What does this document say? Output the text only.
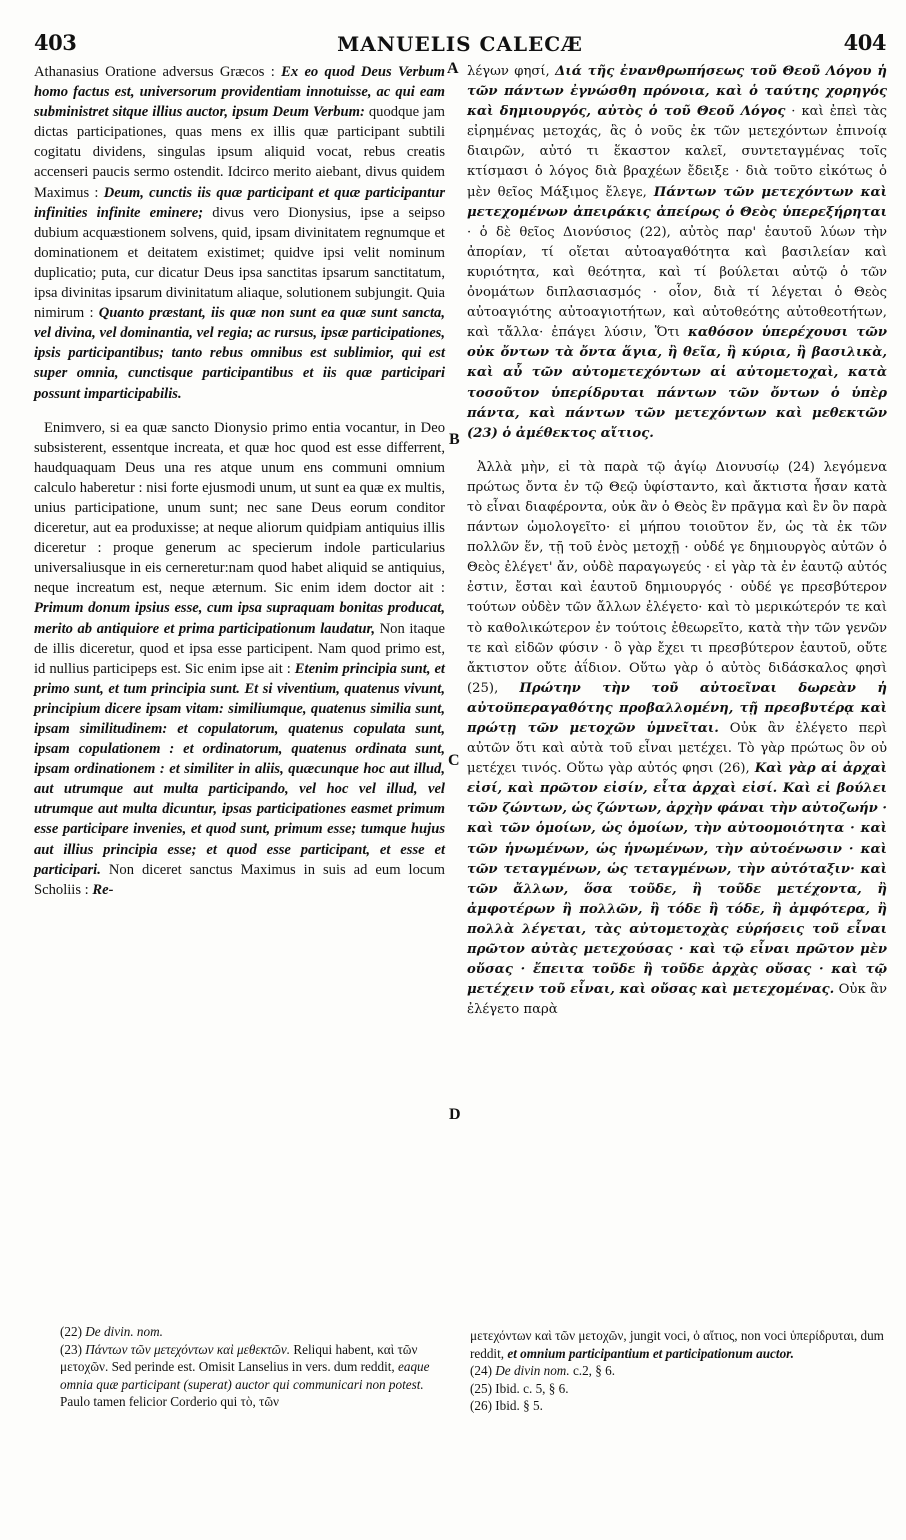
403	MANUELIS CALECÆ	404
A
B
C
D

Athanasius Oratione adversus Græcos : Ex eo quod Deus Verbum homo factus est, universorum providentiam innotuisse, ac qui eam subministret sitque illius auctor, ipsum Deum Verbum: quodque jam dictas participationes, quas mens ex illis quæ participant subtili cogitatu dividens, singulas ipsum aliquid vocat, rebus creatis accenseri paucis sermo ostendit. Idcirco merito aiebant, divus quidem Maximus : Deum, cunctis iis quæ participant et quæ participantur infinities infinite eminere; divus vero Dionysius, ipse a seipso dubium acquæstionem solvens, quid, ipsam divinitatem regnumque et dominationem et deitatem existimet; quidve ipsi velit nominum duplicatio; puta, cur dicatur Deus ipsa sanctitas ipsarum sanctitatum, ipsa divinitas ipsarum divinitatum aliaque, solutionem subjungit. Quia nimirum : Quanto præstant, iis quæ non sunt ea quæ sunt sancta, vel divina, vel dominantia, vel regia; ac rursus, ipsæ participationes, ipsis participantibus; tanto rebus omnibus est sublimior, qui est super omnia, cunctisque participantibus et iis quæ participari possunt imparticipabilis.

Enimvero, si ea quæ sancto Dionysio primo entia vocantur, in Deo subsisterent, essentque increata, et quæ hoc quod est esse differrent, haudquaquam Deus una res atque unum ens communi omnium calculo haberetur : nisi forte ejusmodi unum, ut sunt ea quæ ex multis, unius participatione, unum sunt; nec sane Deus eorum conditor diceretur, aut ea produxisse; at neque aliorum quidpiam antiquius illis diceretur : proque generum ac specierum indole particularius universaliusque in eis cerneretur:nam quod habet aliquid se antiquius, neque increatum est, neque æternum. Sic enim idem doctor ait : Primum donum ipsius esse, cum ipsa supraquam bonitas producat, merito ab antiquiore et prima participationum laudatur, Non itaque de illis diceretur, quod et ipsa esse participent. Nam quod primo est, id nullius participeps est. Sic enim ipse ait : Etenim principia sunt, et primo sunt, et tum principia sunt. Et si viventium, quatenus vivunt, principium dicere ipsam vitam: similiumque, quatenus similia sunt, ipsam similitudinem: et copulatorum, quatenus copulata sunt, ipsam copulationem : et ordinatorum, quatenus ordinata sunt, ipsam ordinationem : et similiter in aliis, quæcunque hoc aut illud, aut utrumque aut multa participando, vel hoc vel illud, vel utrumque aut multa dicuntur, ipsas participationes easmet primum esse participare invenies, et quod sunt, primum esse; tumque hujus aut illius principia esse; et quod esse participant, et esse et participari. Non diceret sanctus Maximus in suis ad eum locum Scholiis : Re-

λέγων φησί, Διά τῆς ἐνανθρωπήσεως τοῦ Θεοῦ Λόγου ἡ τῶν πάντων ἐγνώσθη πρόνοια, καὶ ὁ ταύτης χορηγός καὶ δημιουργός, αὐτὸς ὁ τοῦ Θεοῦ Λόγος · καὶ ἐπεὶ τὰς εἰρημένας μετοχάς, ἃς ὁ νοῦς ἐκ τῶν μετεχόντων ἐπινοίᾳ διαιρῶν, αὐτό τι ἕκαστον καλεῖ, συντεταγμένας τοῖς κτίσμασι ὁ λόγος διὰ βραχέων ἔδειξε · διὰ τοῦτο εἰκότως ὁ μὲν θεῖος Μάξιμος ἔλεγε, Πάντων τῶν μετεχόντων καὶ μετεχομένων ἀπειράκις ἀπείρως ὁ Θεὸς ὑπερεξήρηται · ὁ δὲ θεῖος Διονύσιος (22), αὐτὸς παρ' ἑαυτοῦ λύων τὴν ἀπορίαν, τί οἴεται αὐτοαγαθότητα καὶ βασιλείαν καὶ κυριότητα, καὶ θεότητα, καὶ τί βούλεται αὐτῷ ὁ τῶν ὀνομάτων διπλασιασμός · οἷον, διὰ τί λέγεται ὁ Θεὸς αὐτοαγιότης αὐτοαγιοτήτων, καὶ αὐτοθεότης αὐτοθεοτήτων, καὶ τἄλλα· ἐπάγει λύσιν, Ὅτι καθόσον ὑπερέχουσι τῶν οὐκ ὄντων τὰ ὄντα ἅγια, ἢ θεῖα, ἢ κύρια, ἢ βασιλικὰ, καὶ αὖ τῶν αὐτομετεχόντων αἱ αὐτομετοχαὶ, κατὰ τοσοῦτον ὑπερίδρυται πάντων τῶν ὄντων ὁ ὑπὲρ πάντα, καὶ πάντων τῶν μετεχόντων καὶ μεθεκτῶν (23) ὁ ἀμέθεκτος αἴτιος.

Ἀλλὰ μὴν, εἰ τὰ παρὰ τῷ ἁγίῳ Διονυσίῳ (24) λεγόμενα πρώτως ὄντα ἐν τῷ Θεῷ ὑφίσταντο, καὶ ἄκτιστα ἦσαν κατὰ τὸ εἶναι διαφέροντα, οὐκ ἂν ὁ Θεὸς ἓν πρᾶγμα καὶ ἓν ὂν παρὰ πάντων ὡμολογεῖτο· εἰ μήπου τοιοῦτον ἕν, ὡς τὰ ἐκ τῶν πολλῶν ἕν, τῇ τοῦ ἑνὸς μετοχῇ · οὐδέ γε δημιουργὸς αὐτῶν ὁ Θεὸς ἐλέγετ' ἄν, οὐδὲ παραγωγεύς · εἰ γὰρ τὰ ἐν ἑαυτῷ αὐτός ἐστιν, ἔσται καὶ ἑαυτοῦ δημιουργός · οὐδέ γε πρεσβύτερον τούτων οὐδὲν τῶν ἄλλων ἐλέγετο· καὶ τὸ μερικώτερόν τε καὶ τὸ καθολικώτερον ἐν τούτοις ἐθεωρεῖτο, κατὰ τὴν τῶν γενῶν τε καὶ εἰδῶν φύσιν · ὃ γὰρ ἔχει τι πρεσβύτερον ἑαυτοῦ, οὔτε ἄκτιστον οὔτε ἀΐδιον. Οὕτω γὰρ ὁ αὐτὸς διδάσκαλος φησὶ (25), Πρώτην τὴν τοῦ αὐτοεῖναι δωρεὰν ἡ αὐτοϋπεραγαθότης προβαλλομένη, τῇ πρεσβυτέρᾳ καὶ πρώτῃ τῶν μετοχῶν ὑμνεῖται. Οὐκ ἂν ἐλέγετο περὶ αὐτῶν ὅτι καὶ αὐτὰ τοῦ εἶναι μετέχει. Τὸ γὰρ πρώτως ὂν οὐ μετέχει τινός. Οὕτω γὰρ αὐτός φησι (26), Καὶ γὰρ αἱ ἀρχαὶ εἰσί, καὶ πρῶτον εἰσίν, εἶτα ἀρχαὶ εἰσί. Καὶ εἰ βούλει τῶν ζώντων, ὡς ζώντων, ἀρχὴν φάναι τὴν αὐτοζωήν · καὶ τῶν ὁμοίων, ὡς ὁμοίων, τὴν αὐτοομοιότητα · καὶ τῶν ἡνωμένων, ὡς ἡνωμένων, τὴν αὐτοένωσιν · καὶ τῶν τεταγμένων, ὡς τεταγμένων, τὴν αὐτόταξιν· καὶ τῶν ἄλλων, ὅσα τοῦδε, ἢ τοῦδε μετέχοντα, ἢ ἀμφοτέρων ἢ πολλῶν, ἢ τόδε ἢ τόδε, ἢ ἀμφότερα, ἢ πολλὰ λέγεται, τὰς αὐτομετοχὰς εὑρήσεις τοῦ εἶναι πρῶτον αὐτὰς μετεχούσας · καὶ τῷ εἶναι πρῶτον μὲν οὔσας · ἔπειτα τοῦδε ἢ τοῦδε ἀρχὰς οὔσας · καὶ τῷ μετέχειν τοῦ εἶναι, καὶ οὔσας καὶ μετεχομένας. Οὐκ ἂν ἐλέγετο παρὰ

(22) De divin. nom.

(23) Πάντων τῶν μετεχόντων καὶ μεθεκτῶν. Reliqui habent, καὶ τῶν μετοχῶν. Sed perinde est. Omisit Lanselius in vers. dum reddit, eaque omnia quæ participant (superat) auctor qui communicari non potest. Paulo tamen felicior Corderio qui τὸ, τῶν

μετεχόντων καὶ τῶν μετοχῶν, jungit voci, ὁ αἴτιος, non voci ὑπερίδρυται, dum reddit, et omnium participantium et participationum auctor.

(24) De divin nom. c.2, § 6.

(25) Ibid. c. 5, § 6.

(26) Ibid. § 5.
